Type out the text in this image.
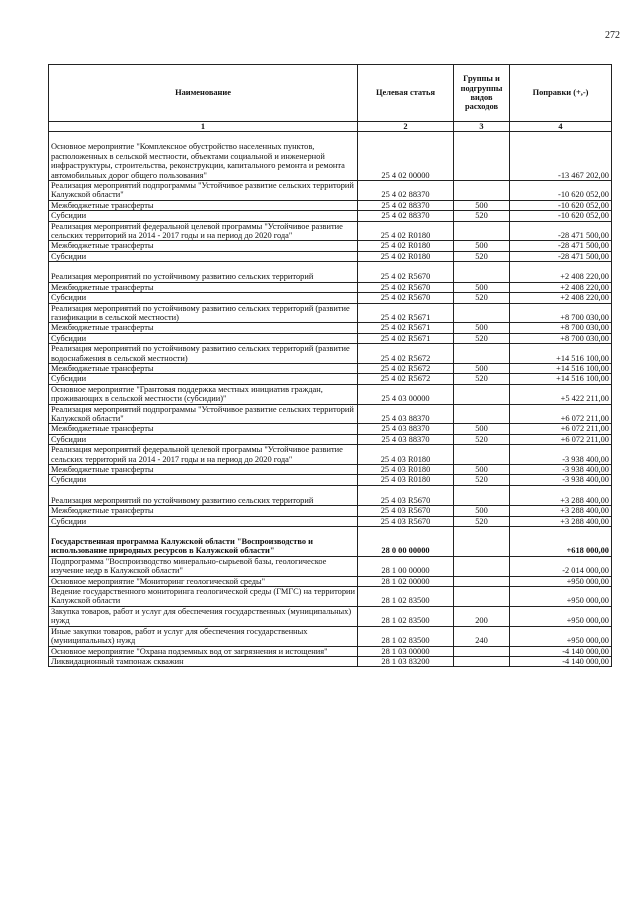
272
Наименование	Целевая статья	Группы и подгруппы видов расходов	Поправки (+,-)
1	2	3	4
Основное мероприятие "Комплексное обустройство населенных пунктов, расположенных в сельской местности, объектами социальной и инженерной инфраструктуры, строительства, реконструкции, капитального ремонта и ремонта автомобильных дорог общего пользования"	25 4 02 00000		-13 467 202,00
Реализация мероприятий подпрограммы "Устойчивое развитие сельских территорий Калужской области"	25 4 02 88370		-10 620 052,00
Межбюджетные трансферты	25 4 02 88370	500	-10 620 052,00
Субсидии	25 4 02 88370	520	-10 620 052,00
Реализация мероприятий федеральной целевой программы "Устойчивое развитие сельских территорий на 2014 - 2017 годы и на период до 2020 года"	25 4 02 R0180		-28 471 500,00
Межбюджетные трансферты	25 4 02 R0180	500	-28 471 500,00
Субсидии	25 4 02 R0180	520	-28 471 500,00
Реализация мероприятий по устойчивому развитию сельских территорий	25 4 02 R5670		+2 408 220,00
Межбюджетные трансферты	25 4 02 R5670	500	+2 408 220,00
Субсидии	25 4 02 R5670	520	+2 408 220,00
Реализация мероприятий по устойчивому развитию сельских территорий (развитие газификации в сельской местности)	25 4 02 R5671		+8 700 030,00
Межбюджетные трансферты	25 4 02 R5671	500	+8 700 030,00
Субсидии	25 4 02 R5671	520	+8 700 030,00
Реализация мероприятий по устойчивому развитию сельских территорий (развитие водоснабжения в сельской местности)	25 4 02 R5672		+14 516 100,00
Межбюджетные трансферты	25 4 02 R5672	500	+14 516 100,00
Субсидии	25 4 02 R5672	520	+14 516 100,00
Основное мероприятие "Грантовая поддержка местных инициатив граждан, проживающих в сельской местности (субсидии)"	25 4 03 00000		+5 422 211,00
Реализация мероприятий подпрограммы "Устойчивое развитие сельских территорий Калужской области"	25 4 03 88370		+6 072 211,00
Межбюджетные трансферты	25 4 03 88370	500	+6 072 211,00
Субсидии	25 4 03 88370	520	+6 072 211,00
Реализация мероприятий федеральной целевой программы "Устойчивое развитие сельских территорий на 2014 - 2017 годы и на период до 2020 года"	25 4 03 R0180		-3 938 400,00
Межбюджетные трансферты	25 4 03 R0180	500	-3 938 400,00
Субсидии	25 4 03 R0180	520	-3 938 400,00
Реализация мероприятий по устойчивому развитию сельских территорий	25 4 03 R5670		+3 288 400,00
Межбюджетные трансферты	25 4 03 R5670	500	+3 288 400,00
Субсидии	25 4 03 R5670	520	+3 288 400,00
Государственная программа Калужской области "Воспроизводство и использование природных ресурсов в Калужской области"	28 0 00 00000		+618 000,00
Подпрограмма "Воспроизводство минерально-сырьевой базы, геологическое изучение недр в Калужской области"	28 1 00 00000		-2 014 000,00
Основное мероприятие "Мониторинг геологической среды"	28 1 02 00000		+950 000,00
Ведение государственного мониторинга геологической среды (ГМГС) на территории Калужской области	28 1 02 83500		+950 000,00
Закупка товаров, работ и услуг для обеспечения государственных (муниципальных) нужд	28 1 02 83500	200	+950 000,00
Иные закупки товаров, работ и услуг для обеспечения государственных (муниципальных) нужд	28 1 02 83500	240	+950 000,00
Основное мероприятие "Охрана подземных вод от загрязнения и истощения"	28 1 03 00000		-4 140 000,00
Ликвидационный тампонаж скважин	28 1 03 83200		-4 140 000,00
